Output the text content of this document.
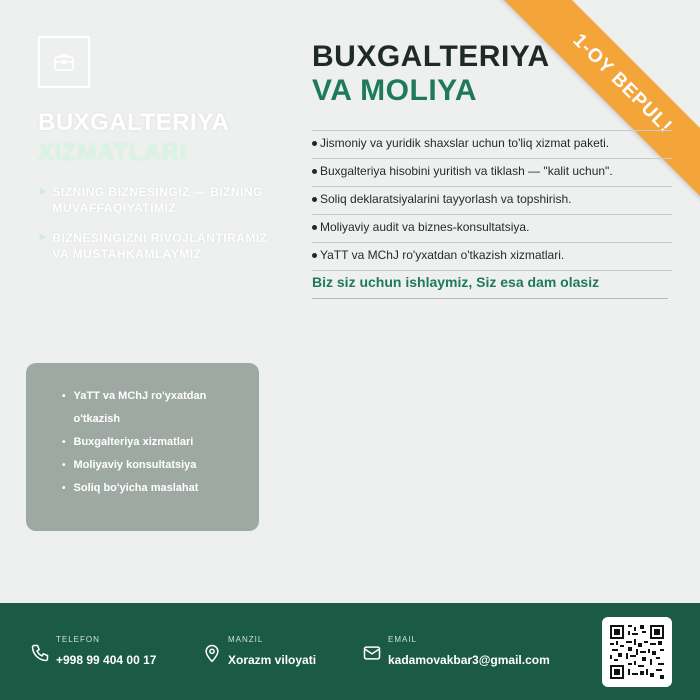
BUXGALTERIYA
XIZMATLARI
► SIZNING BIZNESINGIZ — BIZNING MUVAFFAQIYATIMIZ
► BIZNESINGIZNI RIVOJLANTIRAMIZ VA MUSTAHKAMLAYMIZ
BUXGALTERIYA
VA MOLIYA	1-OY BEPUL!
Jismoniy va yuridik shaxslar uchun to'liq xizmat paketi.
Buxgalteriya hisobini yuritish va tiklash — "kalit uchun".
Soliq deklaratsiyalarini tayyorlash va topshirish.
Moliyaviy audit va biznes-konsultatsiya.
YaTT va MChJ ro'yxatdan o'tkazish xizmatlari.
Biz siz uchun ishlaymiz, Siz esa dam olasiz
• YaTT va MChJ ro'yxatdan
o'tkazish
• Buxgalteriya xizmatlari
• Moliyaviy konsultatsiya
• Soliq bo'yicha maslahat
TELEFON
+998 99 404 00 17
MANZIL
Xorazm viloyati
EMAIL
kadamovakbar3@gmail.com
